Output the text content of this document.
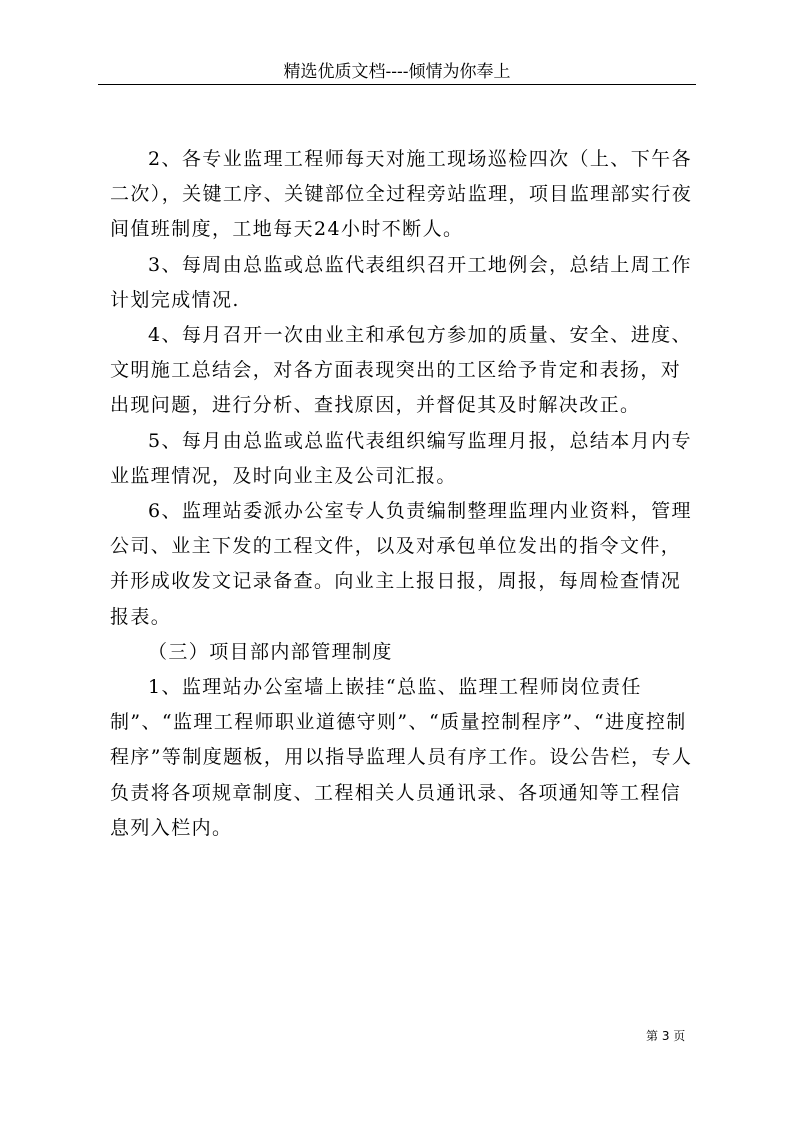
精选优质文档----倾情为你奉上

2、各专业监理工程师每天对施工现场巡检四次（上、下午各二次），关键工序、关键部位全过程旁站监理，项目监理部实行夜间值班制度，工地每天24小时不断人。

3、每周由总监或总监代表组织召开工地例会，总结上周工作计划完成情况.

4、每月召开一次由业主和承包方参加的质量、安全、进度、文明施工总结会，对各方面表现突出的工区给予肯定和表扬，对出现问题，进行分析、查找原因，并督促其及时解决改正。

5、每月由总监或总监代表组织编写监理月报，总结本月内专业监理情况，及时向业主及公司汇报。

6、监理站委派办公室专人负责编制整理监理内业资料，管理公司、业主下发的工程文件，以及对承包单位发出的指令文件，并形成收发文记录备查。向业主上报日报，周报，每周检查情况报表。

（三）项目部内部管理制度

1、监理站办公室墙上嵌挂“总监、监理工程师岗位责任制”、“监理工程师职业道德守则”、“质量控制程序”、“进度控制程序”等制度题板，用以指导监理人员有序工作。设公告栏，专人负责将各项规章制度、工程相关人员通讯录、各项通知等工程信息列入栏内。

第 3 页
